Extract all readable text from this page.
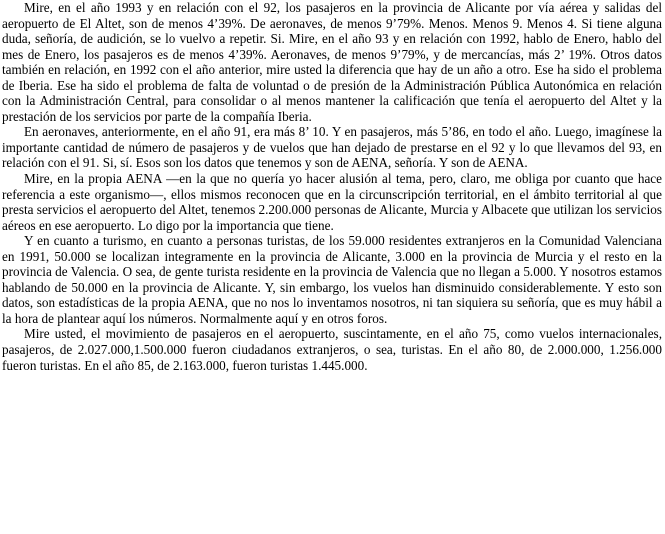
Mire, en el año 1993 y en relación con el 92, los pasajeros en la provincia de Alicante por vía aérea y salidas del aeropuerto de El Altet, son de menos 4’39%. De aeronaves, de menos 9’79%. Menos. Menos 9. Menos 4. Si tiene alguna duda, señoría, de audición, se lo vuelvo a repetir. Si. Mire, en el año 93 y en relación con 1992, hablo de Enero, hablo del mes de Enero, los pasajeros es de menos 4’39%. Aeronaves, de menos 9’79%, y de mercancías, más 2’ 19%. Otros datos también en relación, en 1992 con el año anterior, mire usted la diferencia que hay de un año a otro. Ese ha sido el problema de Iberia. Ese ha sido el problema de falta de voluntad o de presión de la Administración Pública Autonómica en relación con la Administración Central, para consolidar o al menos mantener la calificación que tenía el aeropuerto del Altet y la prestación de los servicios por parte de la compañía Iberia.

En aeronaves, anteriormente, en el año 91, era más 8’ 10. Y en pasajeros, más 5’86, en todo el año. Luego, imagínese la importante cantidad de número de pasajeros y de vuelos que han dejado de prestarse en el 92 y lo que llevamos del 93, en relación con el 91. Si, sí. Esos son los datos que tenemos y son de AENA, señoría. Y son de AENA.

Mire, en la propia AENA —en la que no quería yo hacer alusión al tema, pero, claro, me obliga por cuanto que hace referencia a este organismo—, ellos mismos reconocen que en la circunscripción territorial, en el ámbito territorial al que presta servicios el aeropuerto del Altet, tenemos 2.200.000 personas de Alicante, Murcia y Albacete que utilizan los servicios aéreos en ese aeropuerto. Lo digo por la importancia que tiene.

Y en cuanto a turismo, en cuanto a personas turistas, de los 59.000 residentes extranjeros en la Comunidad Valenciana en 1991, 50.000 se localizan integramente en la provincia de Alicante, 3.000 en la provincia de Murcia y el resto en la provincia de Valencia. O sea, de gente turista residente en la provincia de Valencia que no llegan a 5.000. Y nosotros estamos hablando de 50.000 en la provincia de Alicante. Y, sin embargo, los vuelos han disminuido considerablemente. Y esto son datos, son estadísticas de la propia AENA, que no nos lo inventamos nosotros, ni tan siquiera su señoría, que es muy hábil a la hora de plantear aquí los números. Normalmente aquí y en otros foros.

Mire usted, el movimiento de pasajeros en el aeropuerto, suscintamente, en el año 75, como vuelos internacionales, pasajeros, de 2.027.000,1.500.000 fueron ciudadanos extranjeros, o sea, turistas. En el año 80, de 2.000.000, 1.256.000 fueron turistas. En el año 85, de 2.163.000, fueron turistas 1.445.000.
